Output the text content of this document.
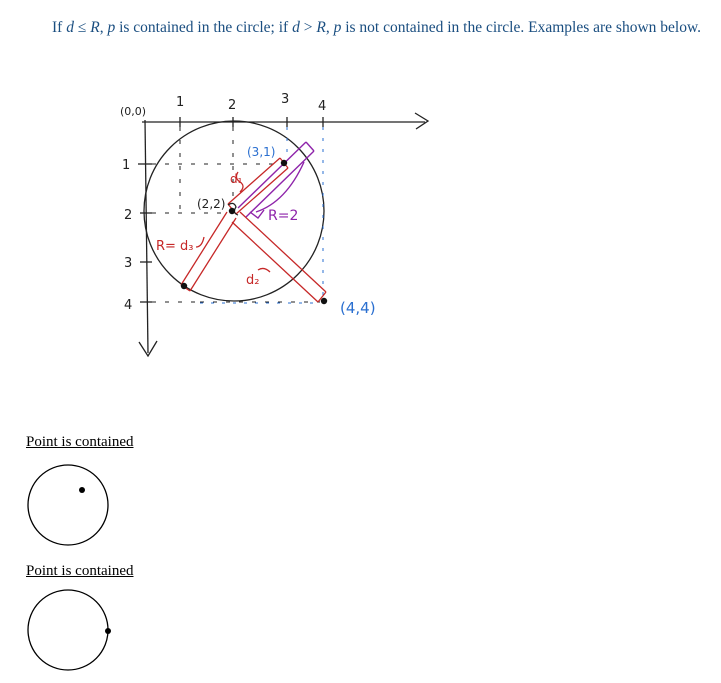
If d ≤ R, p is contained in the circle; if d > R, p is not contained in the circle. Examples are shown below.
(0,0)
1	2	3 4
1
2
3
4
(2,2)
(3,1)
(4,4)
R=2
d₁
d₂
R= d₃
Point is contained
Point is contained
